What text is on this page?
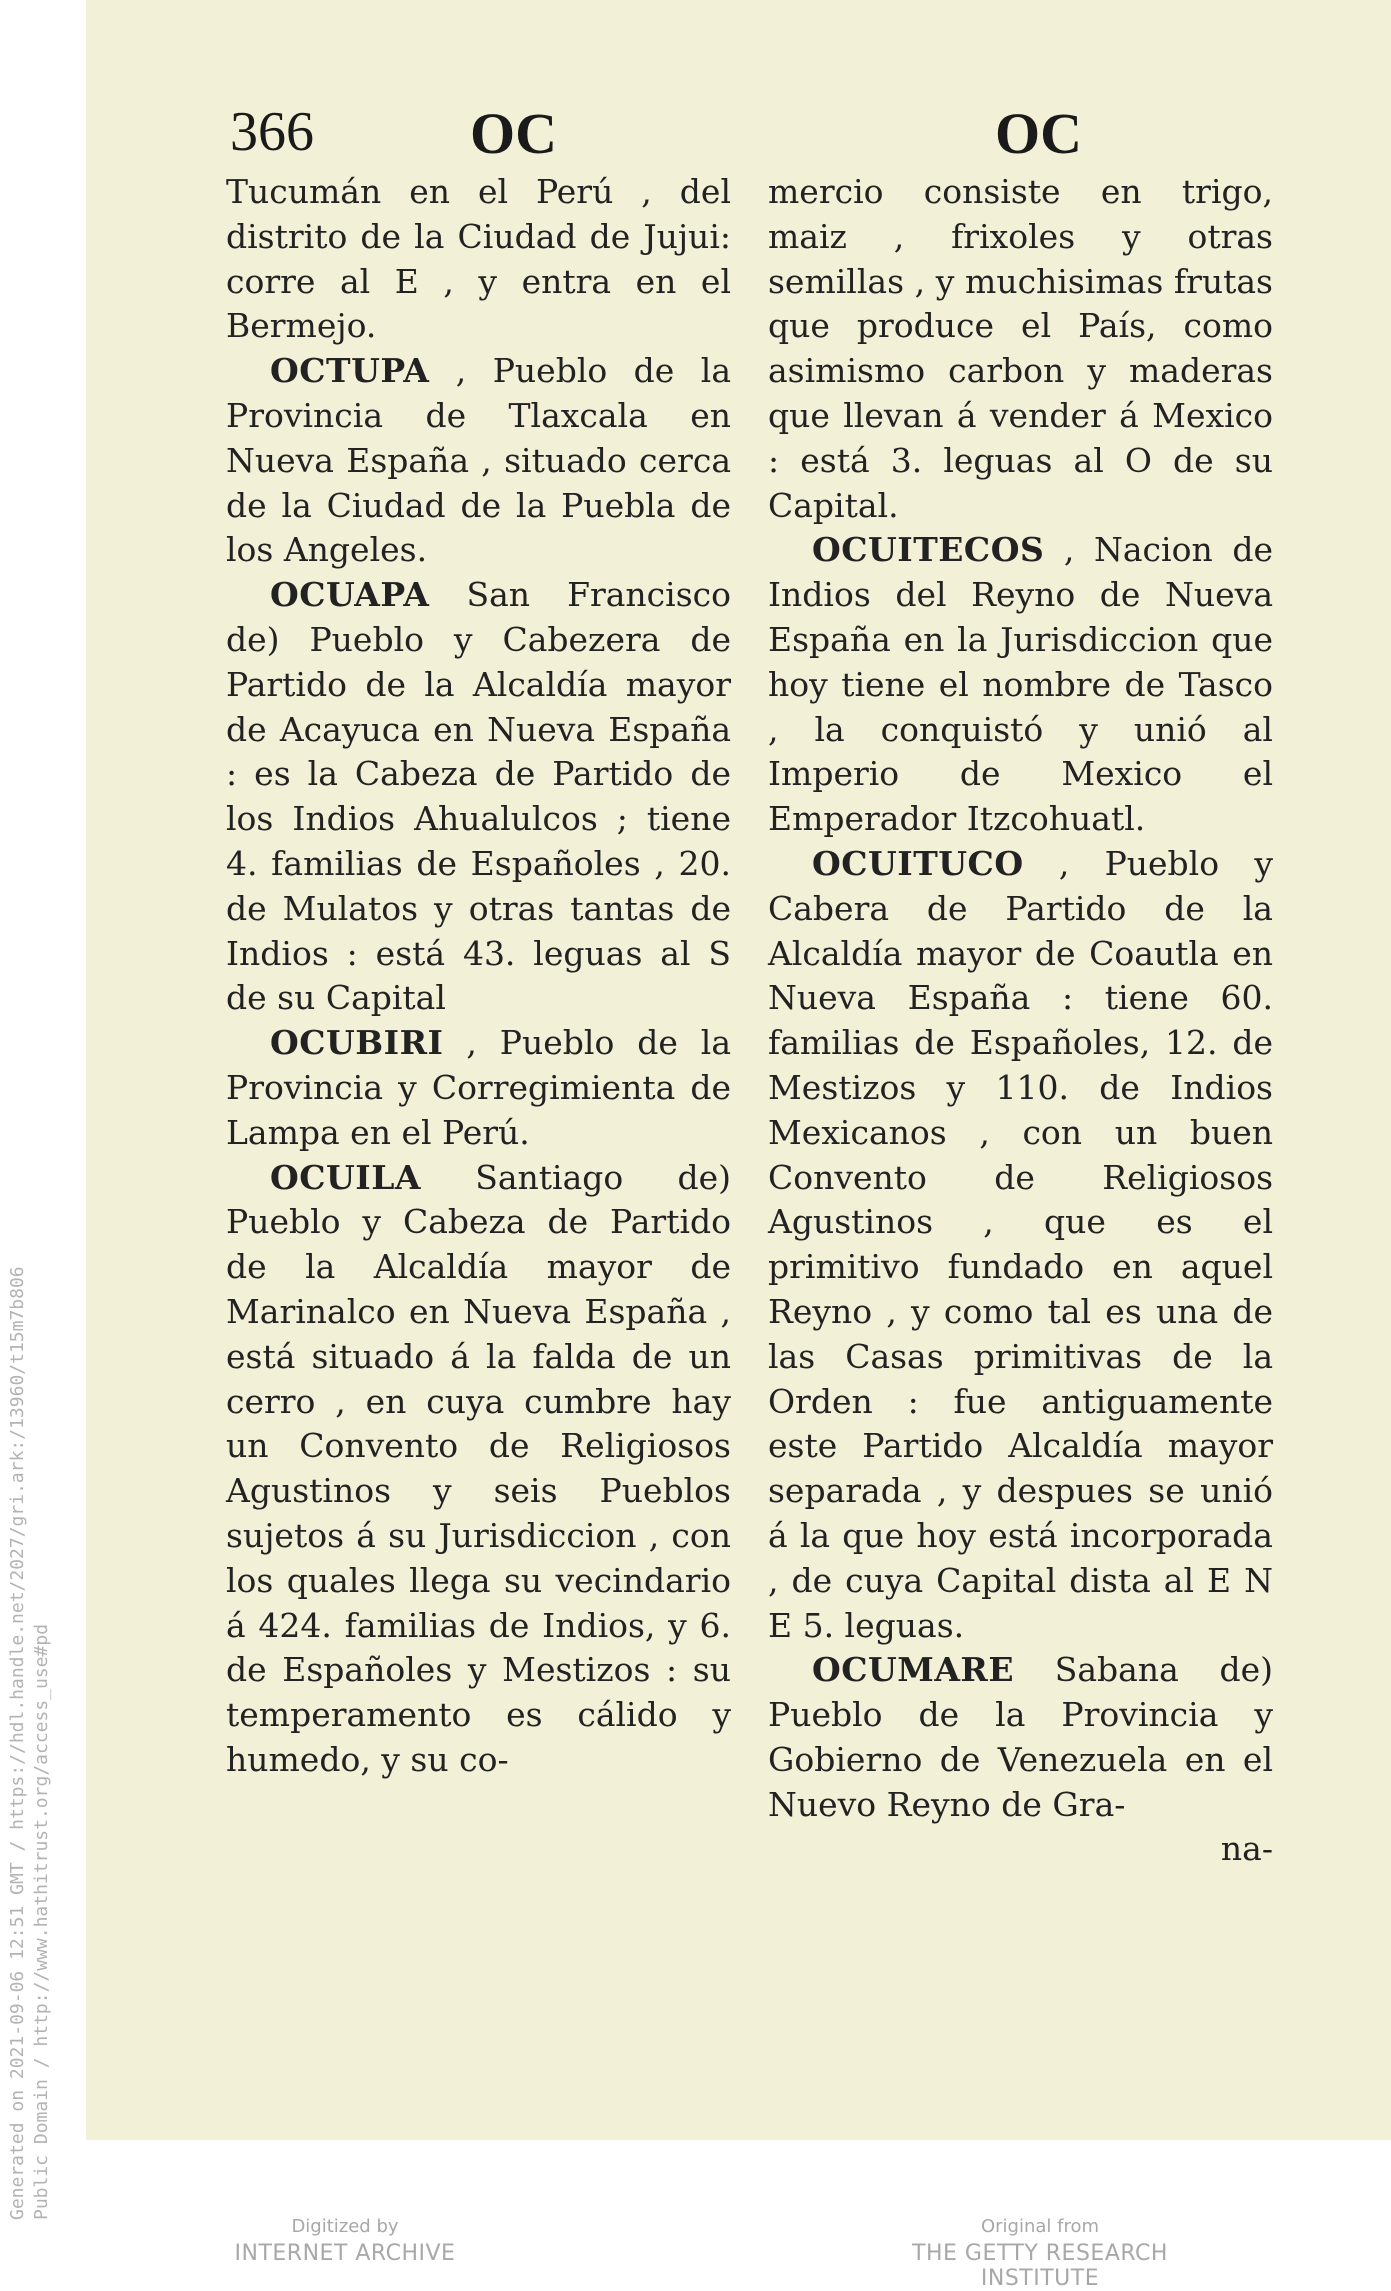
Generated on 2021-09-06 12:51 GMT / https://hdl.handle.net/2027/gri.ark:/13960/t15m7b806 Public Domain / http://www.hathitrust.org/access_use#pd
366	OC	OC

Tucumán en el Perú , del distrito de la Ciudad de Jujui: corre al E , y entra en el Bermejo.

OCTUPA , Pueblo de la Provincia de Tlaxcala en Nueva España , situado cerca de la Ciudad de la Puebla de los Angeles.

OCUAPA San Francisco de) Pueblo y Cabezera de Partido de la Alcaldía mayor de Acayuca en Nueva España : es la Cabeza de Partido de los Indios Ahualulcos ; tiene 4. familias de Españoles , 20. de Mulatos y otras tantas de Indios : está 43. leguas al S de su Capital

OCUBIRI , Pueblo de la Provincia y Corregimienta de Lampa en el Perú.

OCUILA Santiago de) Pueblo y Cabeza de Partido de la Alcaldía mayor de Marinalco en Nueva España , está situado á la falda de un cerro , en cuya cumbre hay un Convento de Religiosos Agustinos y seis Pueblos sujetos á su Jurisdiccion , con los quales llega su vecindario á 424. familias de Indios, y 6. de Españoles y Mestizos : su temperamento es cálido y humedo, y su co-

mercio consiste en trigo, maiz , frixoles y otras semillas , y muchisimas frutas que produce el País, como asimismo carbon y maderas que llevan á vender á Mexico : está 3. leguas al O de su Capital.

OCUITECOS , Nacion de Indios del Reyno de Nueva España en la Jurisdiccion que hoy tiene el nombre de Tasco , la conquistó y unió al Imperio de Mexico el Emperador Itzcohuatl.

OCUITUCO , Pueblo y Cabera de Partido de la Alcaldía mayor de Coautla en Nueva España : tiene 60. familias de Españoles, 12. de Mestizos y 110. de Indios Mexicanos , con un buen Convento de Religiosos Agustinos , que es el primitivo fundado en aquel Reyno , y como tal es una de las Casas primitivas de la Orden : fue antiguamente este Partido Alcaldía mayor separada , y despues se unió á la que hoy está incorporada , de cuya Capital dista al E N E 5. leguas.

OCUMARE Sabana de) Pueblo de la Provincia y Gobierno de Venezuela en el Nuevo Reyno de Gra-

na-
Digitized by
INTERNET ARCHIVE
Original from
THE GETTY RESEARCH INSTITUTE
